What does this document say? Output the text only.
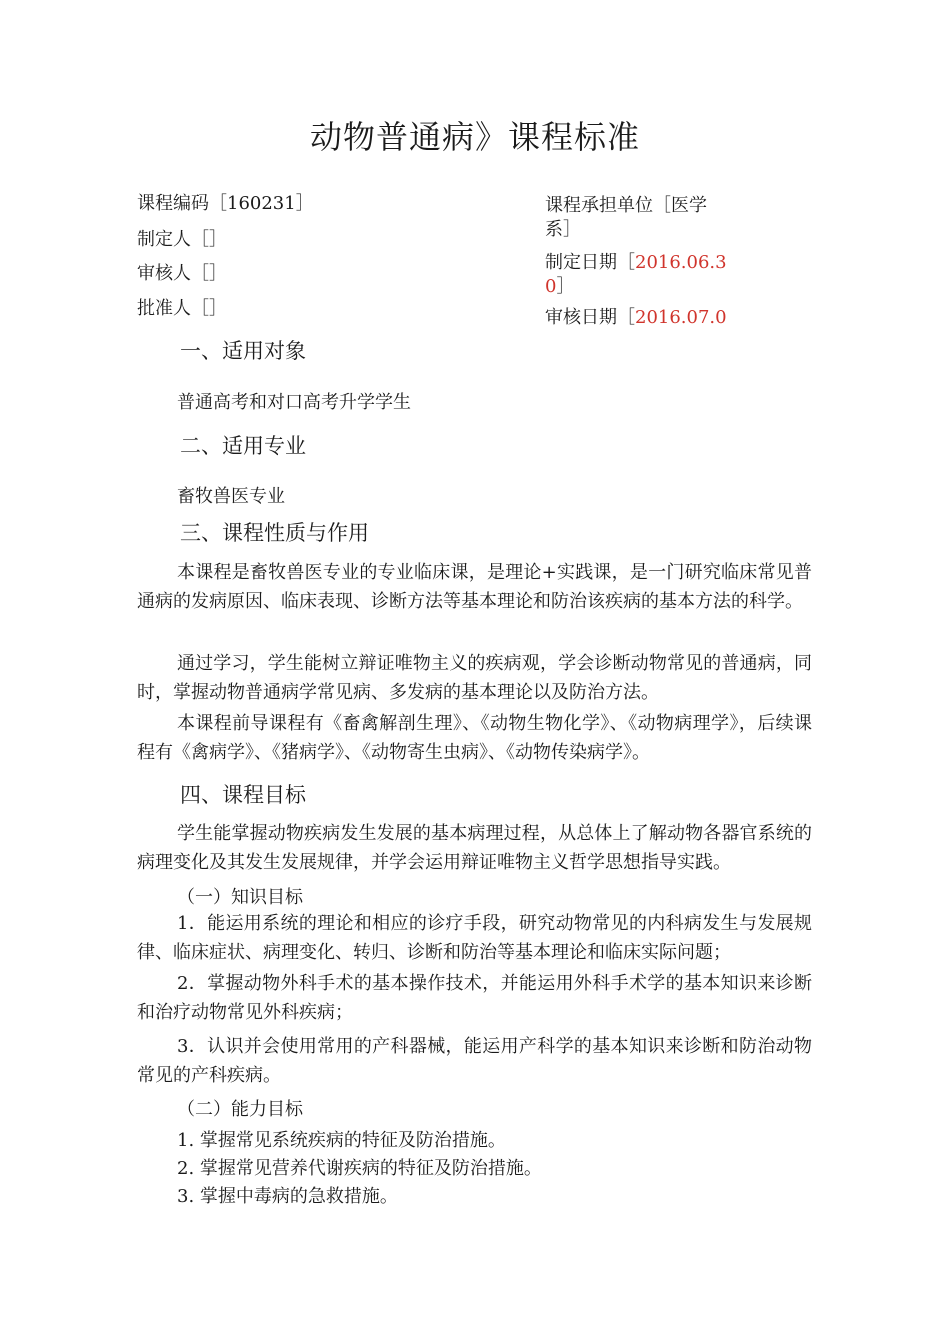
动物普通病》课程标准
课程编码［160231］
制定人［］
审核人［］
批准人［］
课程承担单位［医学
系］
制定日期［2016.06.3
0］
审核日期［2016.07.0
一、适用对象
普通高考和对口高考升学学生
二、适用专业
畜牧兽医专业
三、课程性质与作用
本课程是畜牧兽医专业的专业临床课，是理论+实践课，是一门研究临床常见普通病的发病原因、临床表现、诊断方法等基本理论和防治该疾病的基本方法的科学。
通过学习，学生能树立辩证唯物主义的疾病观，学会诊断动物常见的普通病，同时，掌握动物普通病学常见病、多发病的基本理论以及防治方法。
本课程前导课程有《畜禽解剖生理》、《动物生物化学》、《动物病理学》，后续课程有《禽病学》、《猪病学》、《动物寄生虫病》、《动物传染病学》。
四、课程目标
学生能掌握动物疾病发生发展的基本病理过程，从总体上了解动物各器官系统的病理变化及其发生发展规律，并学会运用辩证唯物主义哲学思想指导实践。
（一）知识目标
1．能运用系统的理论和相应的诊疗手段，研究动物常见的内科病发生与发展规律、临床症状、病理变化、转归、诊断和防治等基本理论和临床实际问题；
2．掌握动物外科手术的基本操作技术，并能运用外科手术学的基本知识来诊断和治疗动物常见外科疾病；
3．认识并会使用常用的产科器械，能运用产科学的基本知识来诊断和防治动物常见的产科疾病。
（二）能力目标
1. 掌握常见系统疾病的特征及防治措施。
2. 掌握常见营养代谢疾病的特征及防治措施。
3. 掌握中毒病的急救措施。
